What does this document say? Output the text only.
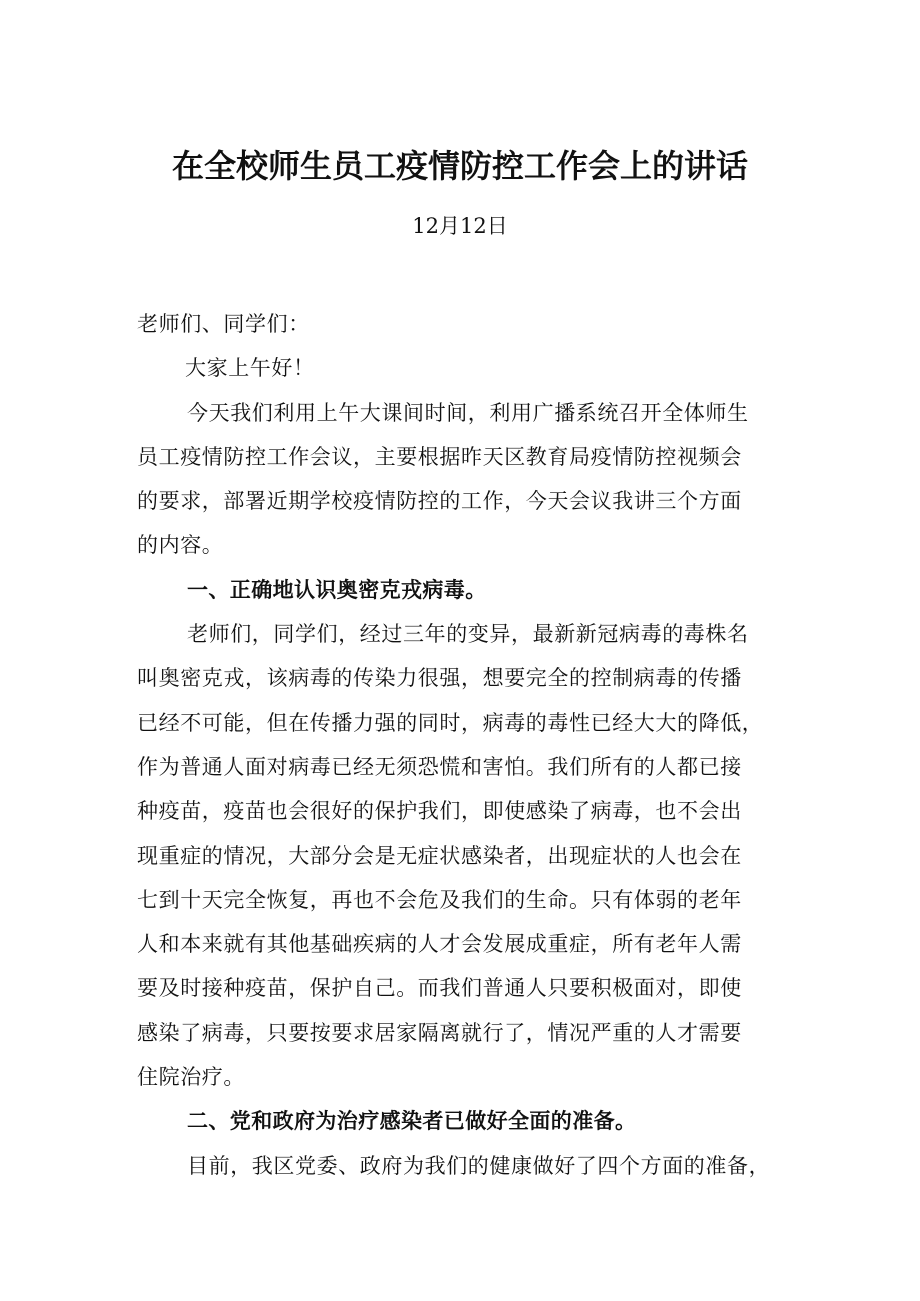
在全校师生员工疫情防控工作会上的讲话
12月12日
老师们、同学们：
大家上午好！
今天我们利用上午大课间时间，利用广播系统召开全体师生
员工疫情防控工作会议，主要根据昨天区教育局疫情防控视频会
的要求，部署近期学校疫情防控的工作，今天会议我讲三个方面
的内容。
一、正确地认识奥密克戎病毒。
老师们，同学们，经过三年的变异，最新新冠病毒的毒株名
叫奥密克戎，该病毒的传染力很强，想要完全的控制病毒的传播
已经不可能，但在传播力强的同时，病毒的毒性已经大大的降低，
作为普通人面对病毒已经无须恐慌和害怕。我们所有的人都已接
种疫苗，疫苗也会很好的保护我们，即使感染了病毒，也不会出
现重症的情况，大部分会是无症状感染者，出现症状的人也会在
七到十天完全恢复，再也不会危及我们的生命。只有体弱的老年
人和本来就有其他基础疾病的人才会发展成重症，所有老年人需
要及时接种疫苗，保护自己。而我们普通人只要积极面对，即使
感染了病毒，只要按要求居家隔离就行了，情况严重的人才需要
住院治疗。
二、党和政府为治疗感染者已做好全面的准备。
目前，我区党委、政府为我们的健康做好了四个方面的准备，
